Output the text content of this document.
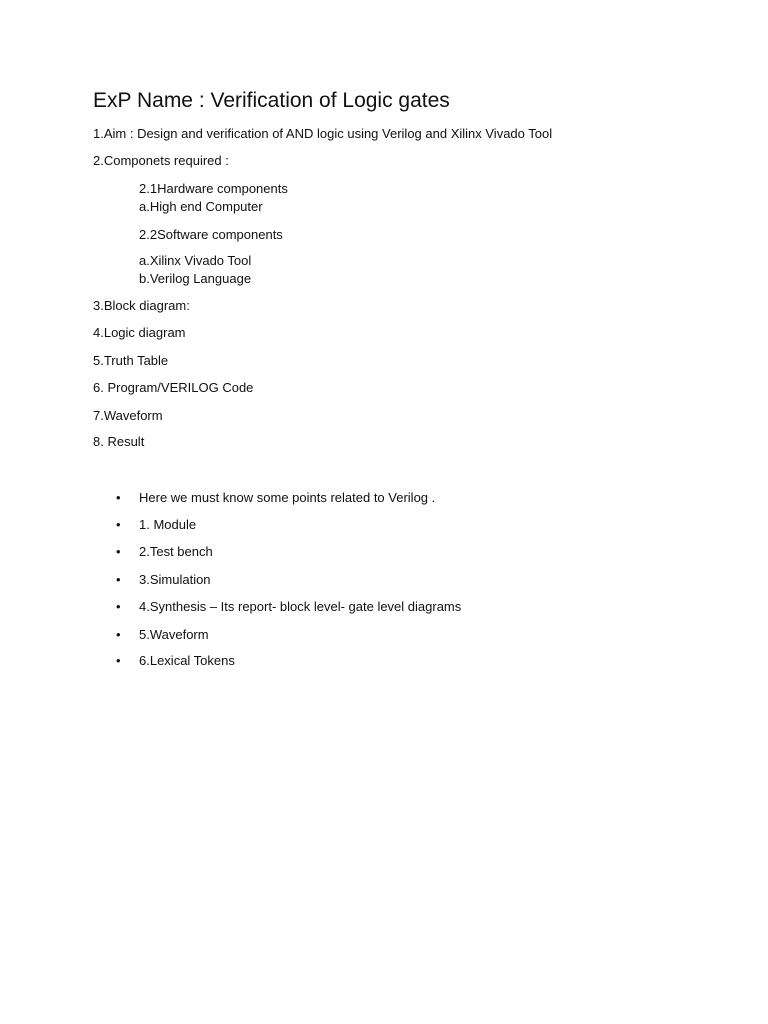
ExP Name : Verification of Logic gates
1.Aim : Design and verification of AND logic using Verilog and Xilinx Vivado Tool
2.Componets required :
2.1Hardware components
a.High end Computer
2.2Software components
a.Xilinx Vivado Tool
b.Verilog Language
3.Block diagram:
4.Logic diagram
5.Truth Table
6. Program/VERILOG Code
7.Waveform
8. Result
• Here we must know some points related to Verilog .
• 1. Module
• 2.Test bench
• 3.Simulation
• 4.Synthesis – Its report- block level- gate level diagrams
• 5.Waveform
• 6.Lexical Tokens
